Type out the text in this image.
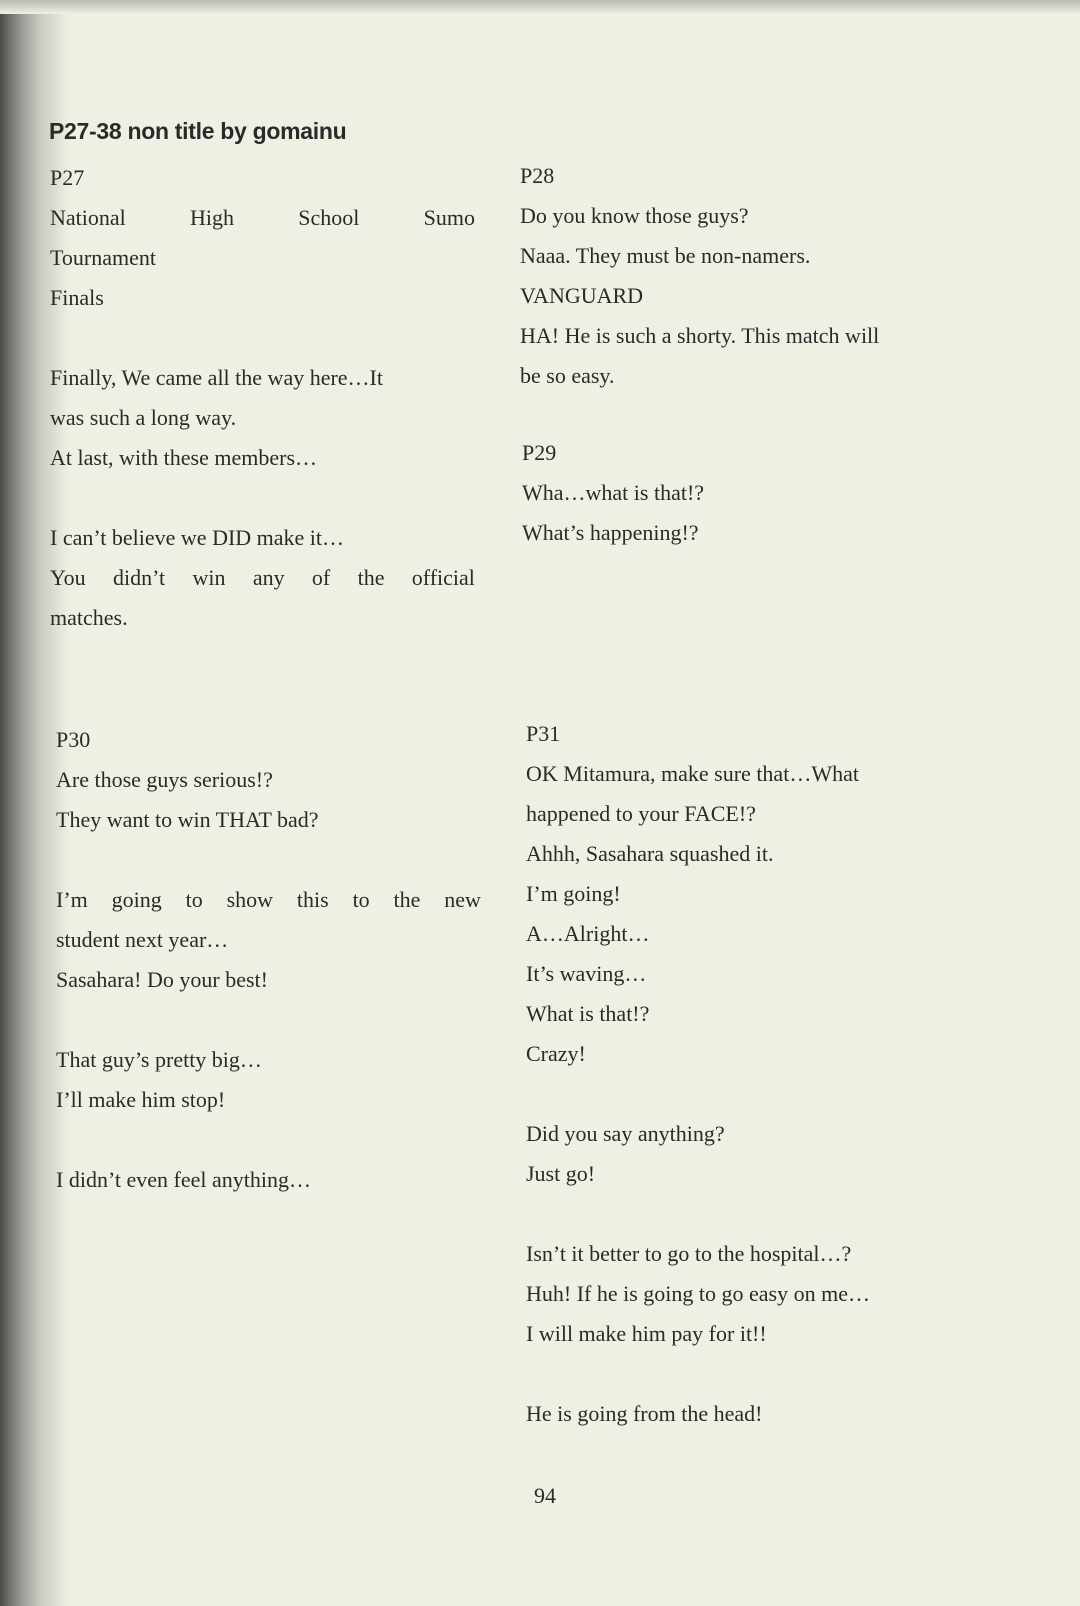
P27-38 non title by gomainu
P27
National	High	School	Sumo
Tournament
Finals
Finally, We came all the way here…It
was such a long way.
At last, with these members…
I can’t believe we DID make it…
You didn’t win any of the official
matches.
P28
Do you know those guys?
Naaa. They must be non-namers.
VANGUARD
HA! He is such a shorty. This match will
be so easy.
P29
Wha…what is that!?
What’s happening!?
P30
Are those guys serious!?
They want to win THAT bad?
I’m going to show this to the new
student next year…
Sasahara! Do your best!
That guy’s pretty big…
I’ll make him stop!
I didn’t even feel anything…
P31
OK Mitamura, make sure that…What
happened to your FACE!?
Ahhh, Sasahara squashed it.
I’m going!
A…Alright…
It’s waving…
What is that!?
Crazy!
Did you say anything?
Just go!
Isn’t it better to go to the hospital…?
Huh! If he is going to go easy on me…
I will make him pay for it!!
He is going from the head!
94
